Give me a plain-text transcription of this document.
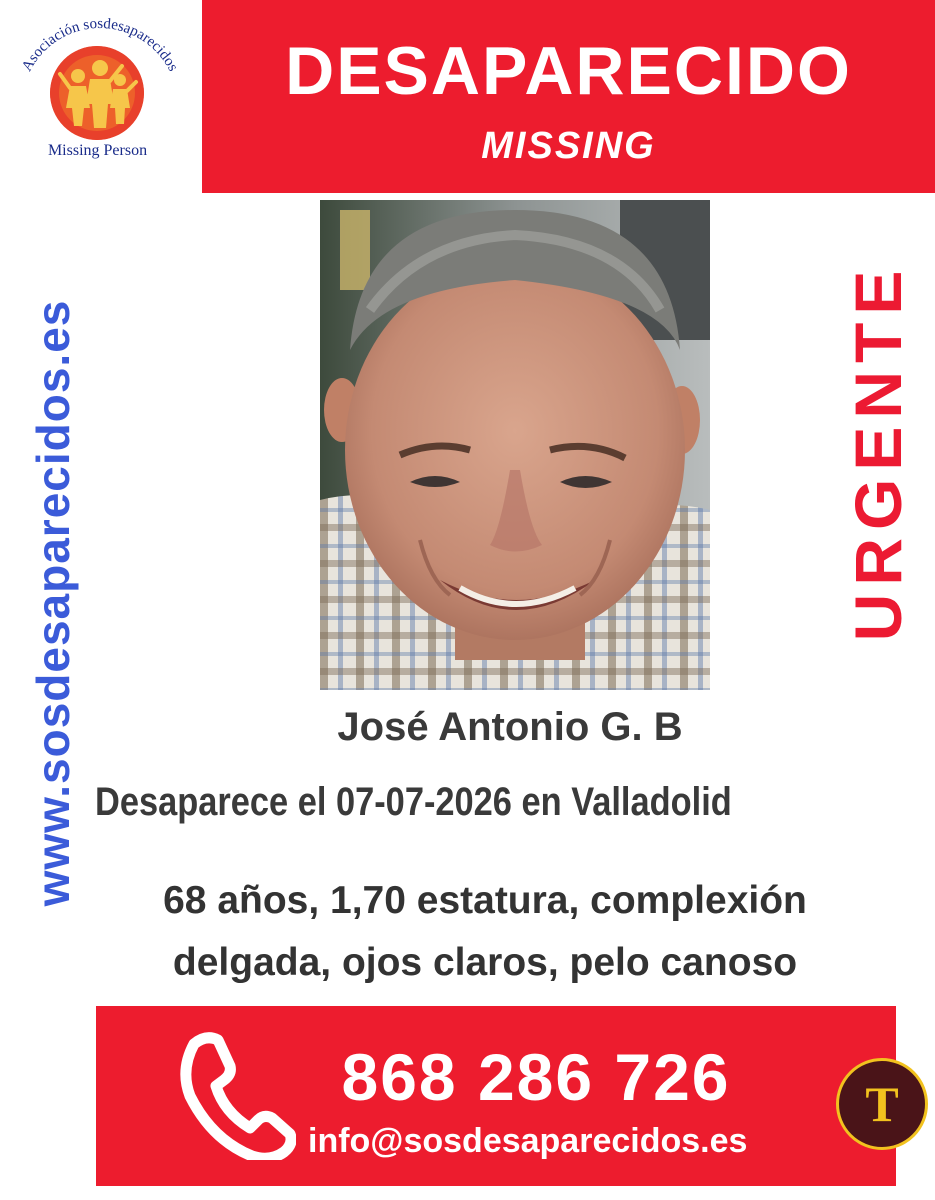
Asociación sosdesaparecidos
Missing Person
DESAPARECIDO
MISSING
www.sosdesaparecidos.es	URGENTE
José Antonio G. B
Desaparece el 07-07-2026 en Valladolid
68 años, 1,70 estatura, complexión
delgada, ojos claros, pelo canoso
868 286 726
info@sosdesaparecidos.es
T
